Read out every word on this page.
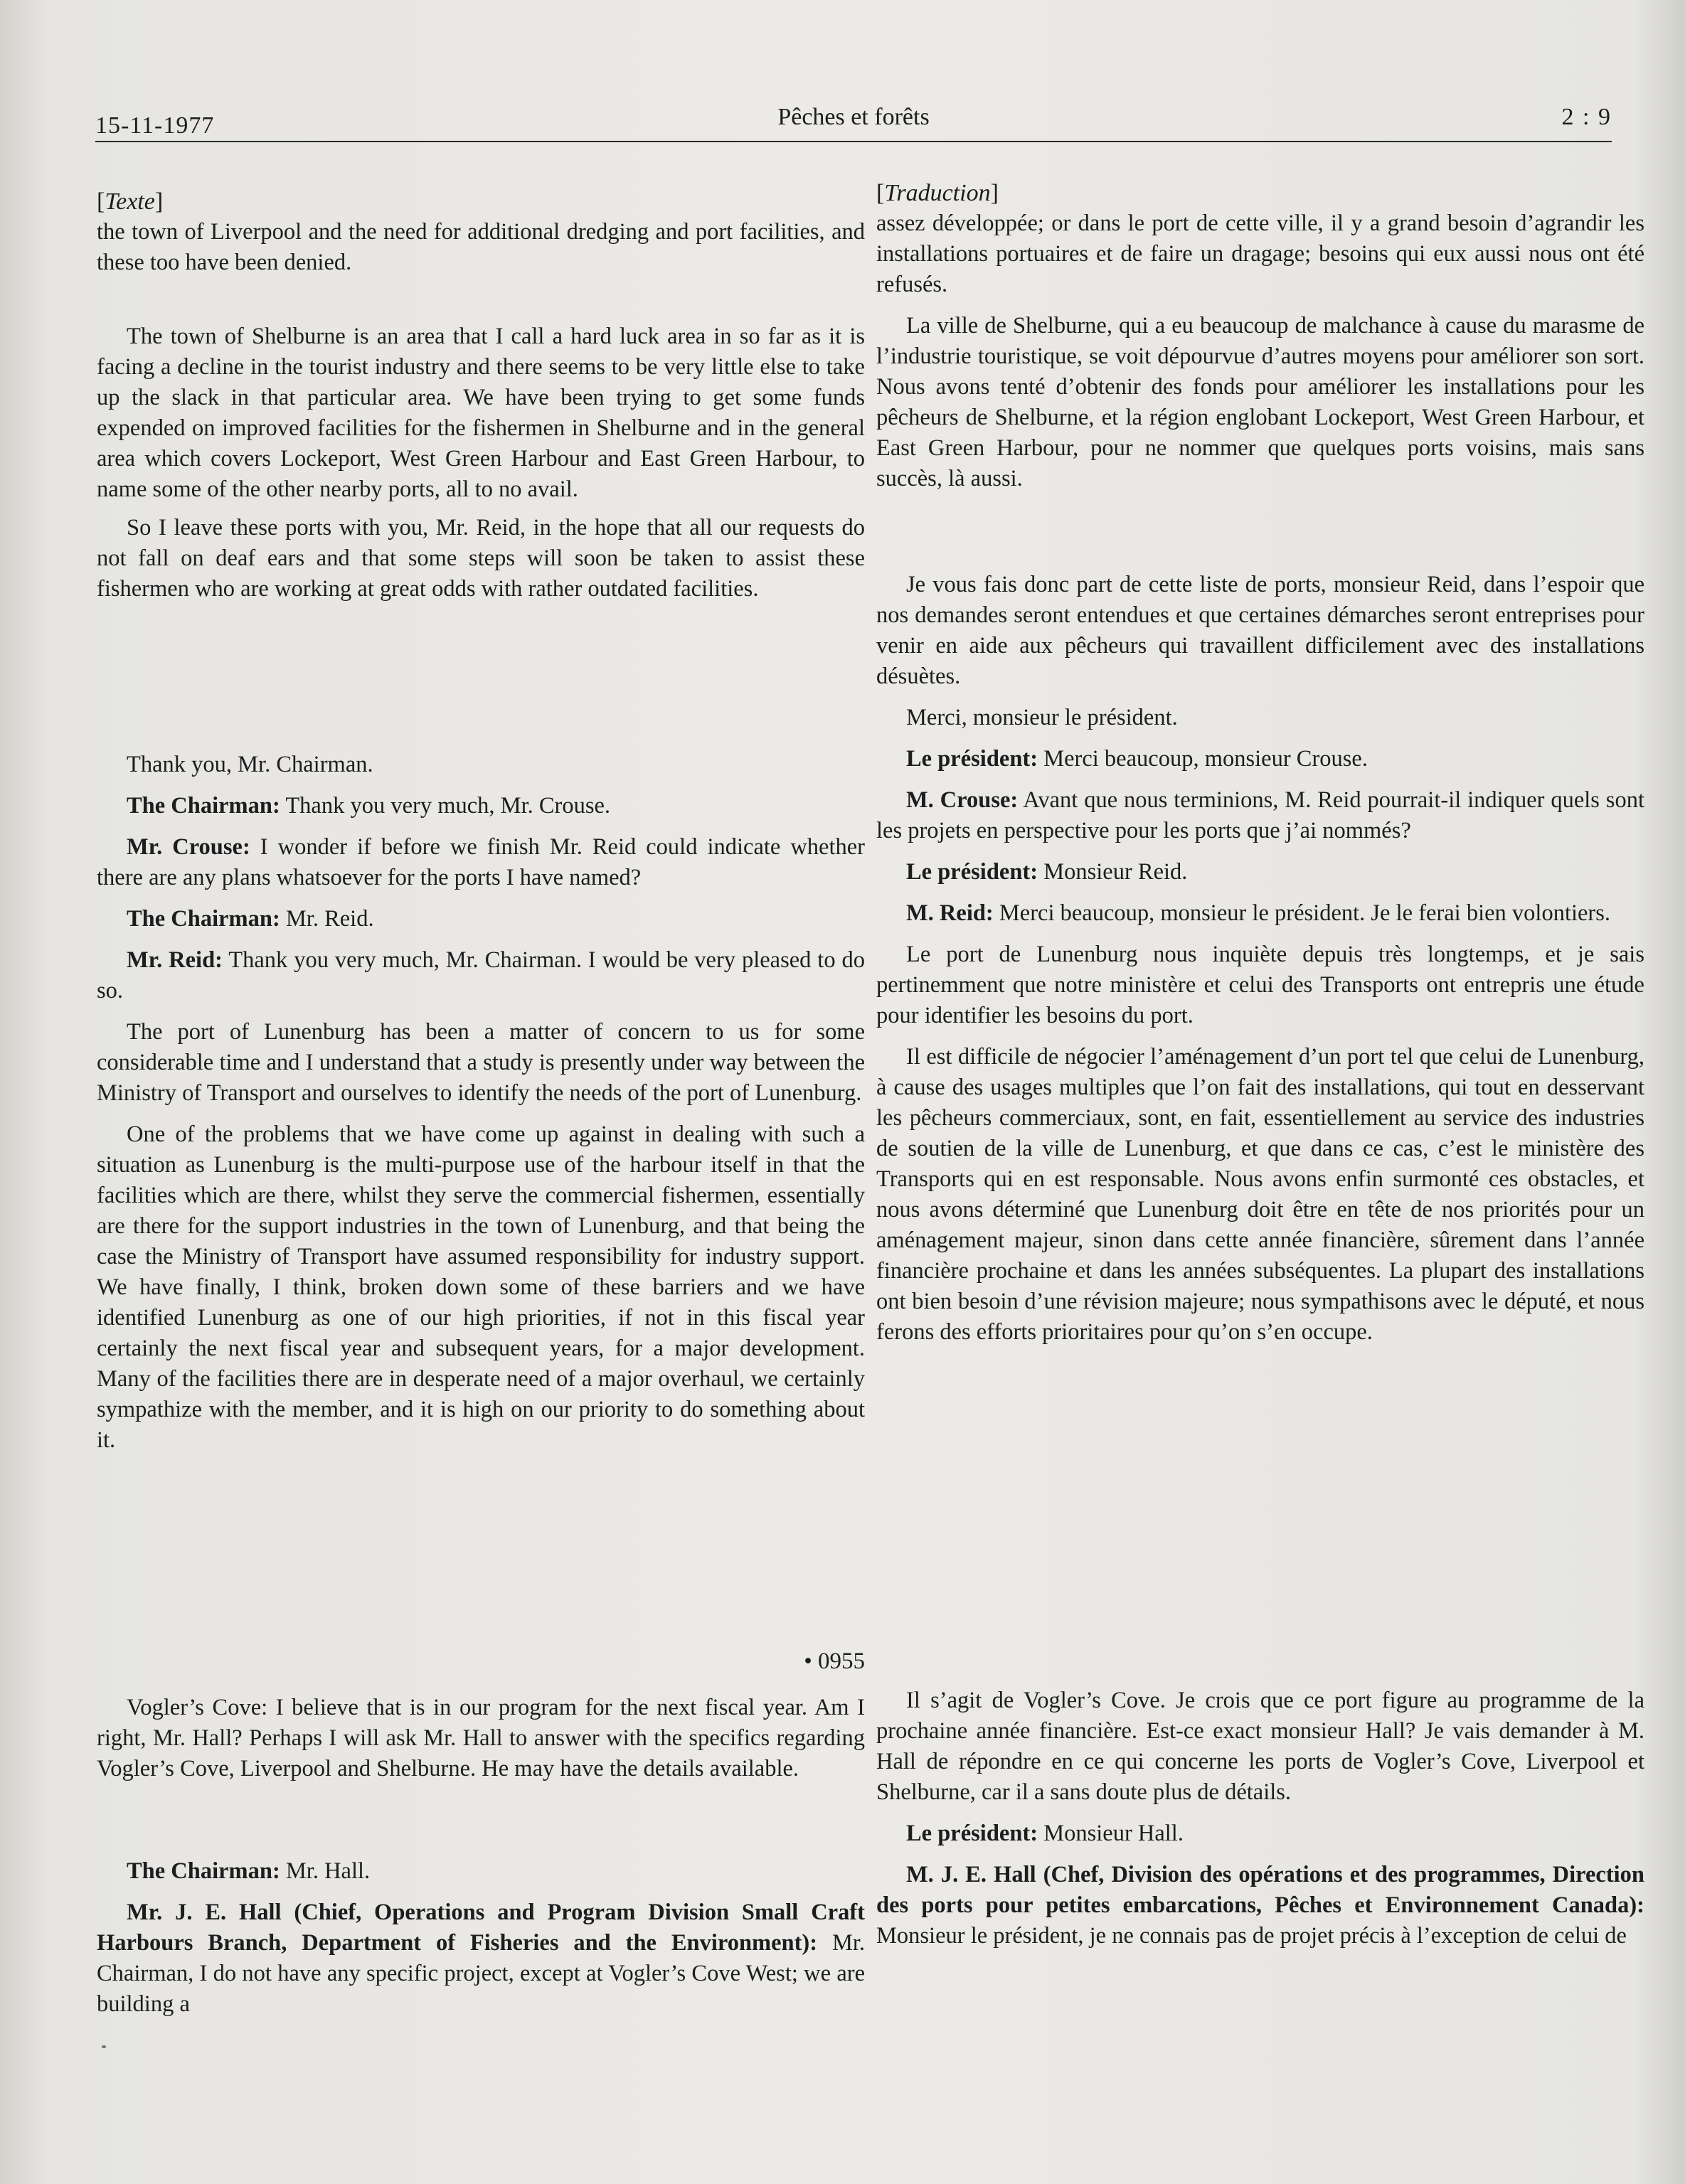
15-11-1977	Pêches et forêts	2 : 9

[Texte]

the town of Liverpool and the need for additional dredging and port facilities, and these too have been denied.

The town of Shelburne is an area that I call a hard luck area in so far as it is facing a decline in the tourist industry and there seems to be very little else to take up the slack in that particular area. We have been trying to get some funds expended on improved facilities for the fishermen in Shelburne and in the general area which covers Lockeport, West Green Harbour and East Green Harbour, to name some of the other nearby ports, all to no avail.

So I leave these ports with you, Mr. Reid, in the hope that all our requests do not fall on deaf ears and that some steps will soon be taken to assist these fishermen who are working at great odds with rather outdated facilities.

Thank you, Mr. Chairman.

The Chairman: Thank you very much, Mr. Crouse.

Mr. Crouse: I wonder if before we finish Mr. Reid could indicate whether there are any plans whatsoever for the ports I have named?

The Chairman: Mr. Reid.

Mr. Reid: Thank you very much, Mr. Chairman. I would be very pleased to do so.

The port of Lunenburg has been a matter of concern to us for some considerable time and I understand that a study is presently under way between the Ministry of Transport and ourselves to identify the needs of the port of Lunenburg.

One of the problems that we have come up against in dealing with such a situation as Lunenburg is the multi-purpose use of the harbour itself in that the facilities which are there, whilst they serve the commercial fishermen, essentially are there for the support industries in the town of Lunenburg, and that being the case the Ministry of Transport have assumed responsibility for industry support. We have finally, I think, broken down some of these barriers and we have identified Lunenburg as one of our high priorities, if not in this fiscal year certainly the next fiscal year and subsequent years, for a major development. Many of the facilities there are in desperate need of a major overhaul, we certainly sympathize with the member, and it is high on our priority to do something about it.

• 0955

Vogler’s Cove: I believe that is in our program for the next fiscal year. Am I right, Mr. Hall? Perhaps I will ask Mr. Hall to answer with the specifics regarding Vogler’s Cove, Liverpool and Shelburne. He may have the details available.

The Chairman: Mr. Hall.

Mr. J. E. Hall (Chief, Operations and Program Division Small Craft Harbours Branch, Department of Fisheries and the Environment): Mr. Chairman, I do not have any specific project, except at Vogler’s Cove West; we are building a

[Traduction]

assez développée; or dans le port de cette ville, il y a grand besoin d’agrandir les installations portuaires et de faire un dragage; besoins qui eux aussi nous ont été refusés.

La ville de Shelburne, qui a eu beaucoup de malchance à cause du marasme de l’industrie touristique, se voit dépourvue d’autres moyens pour améliorer son sort. Nous avons tenté d’obtenir des fonds pour améliorer les installations pour les pêcheurs de Shelburne, et la région englobant Lockeport, West Green Harbour, et East Green Harbour, pour ne nommer que quelques ports voisins, mais sans succès, là aussi.

Je vous fais donc part de cette liste de ports, monsieur Reid, dans l’espoir que nos demandes seront entendues et que certaines démarches seront entreprises pour venir en aide aux pêcheurs qui travaillent difficilement avec des installations désuètes.

Merci, monsieur le président.

Le président: Merci beaucoup, monsieur Crouse.

M. Crouse: Avant que nous terminions, M. Reid pourrait-il indiquer quels sont les projets en perspective pour les ports que j’ai nommés?

Le président: Monsieur Reid.

M. Reid: Merci beaucoup, monsieur le président. Je le ferai bien volontiers.

Le port de Lunenburg nous inquiète depuis très longtemps, et je sais pertinemment que notre ministère et celui des Transports ont entrepris une étude pour identifier les besoins du port.

Il est difficile de négocier l’aménagement d’un port tel que celui de Lunenburg, à cause des usages multiples que l’on fait des installations, qui tout en desservant les pêcheurs commerciaux, sont, en fait, essentiellement au service des industries de soutien de la ville de Lunenburg, et que dans ce cas, c’est le ministère des Transports qui en est responsable. Nous avons enfin surmonté ces obstacles, et nous avons déterminé que Lunenburg doit être en tête de nos priorités pour un aménagement majeur, sinon dans cette année financière, sûrement dans l’année financière prochaine et dans les années subséquentes. La plupart des installations ont bien besoin d’une révision majeure; nous sympathisons avec le député, et nous ferons des efforts prioritaires pour qu’on s’en occupe.

Il s’agit de Vogler’s Cove. Je crois que ce port figure au programme de la prochaine année financière. Est-ce exact monsieur Hall? Je vais demander à M. Hall de répondre en ce qui concerne les ports de Vogler’s Cove, Liverpool et Shelburne, car il a sans doute plus de détails.

Le président: Monsieur Hall.

M. J. E. Hall (Chef, Division des opérations et des programmes, Direction des ports pour petites embarcations, Pêches et Environnement Canada): Monsieur le président, je ne connais pas de projet précis à l’exception de celui de
